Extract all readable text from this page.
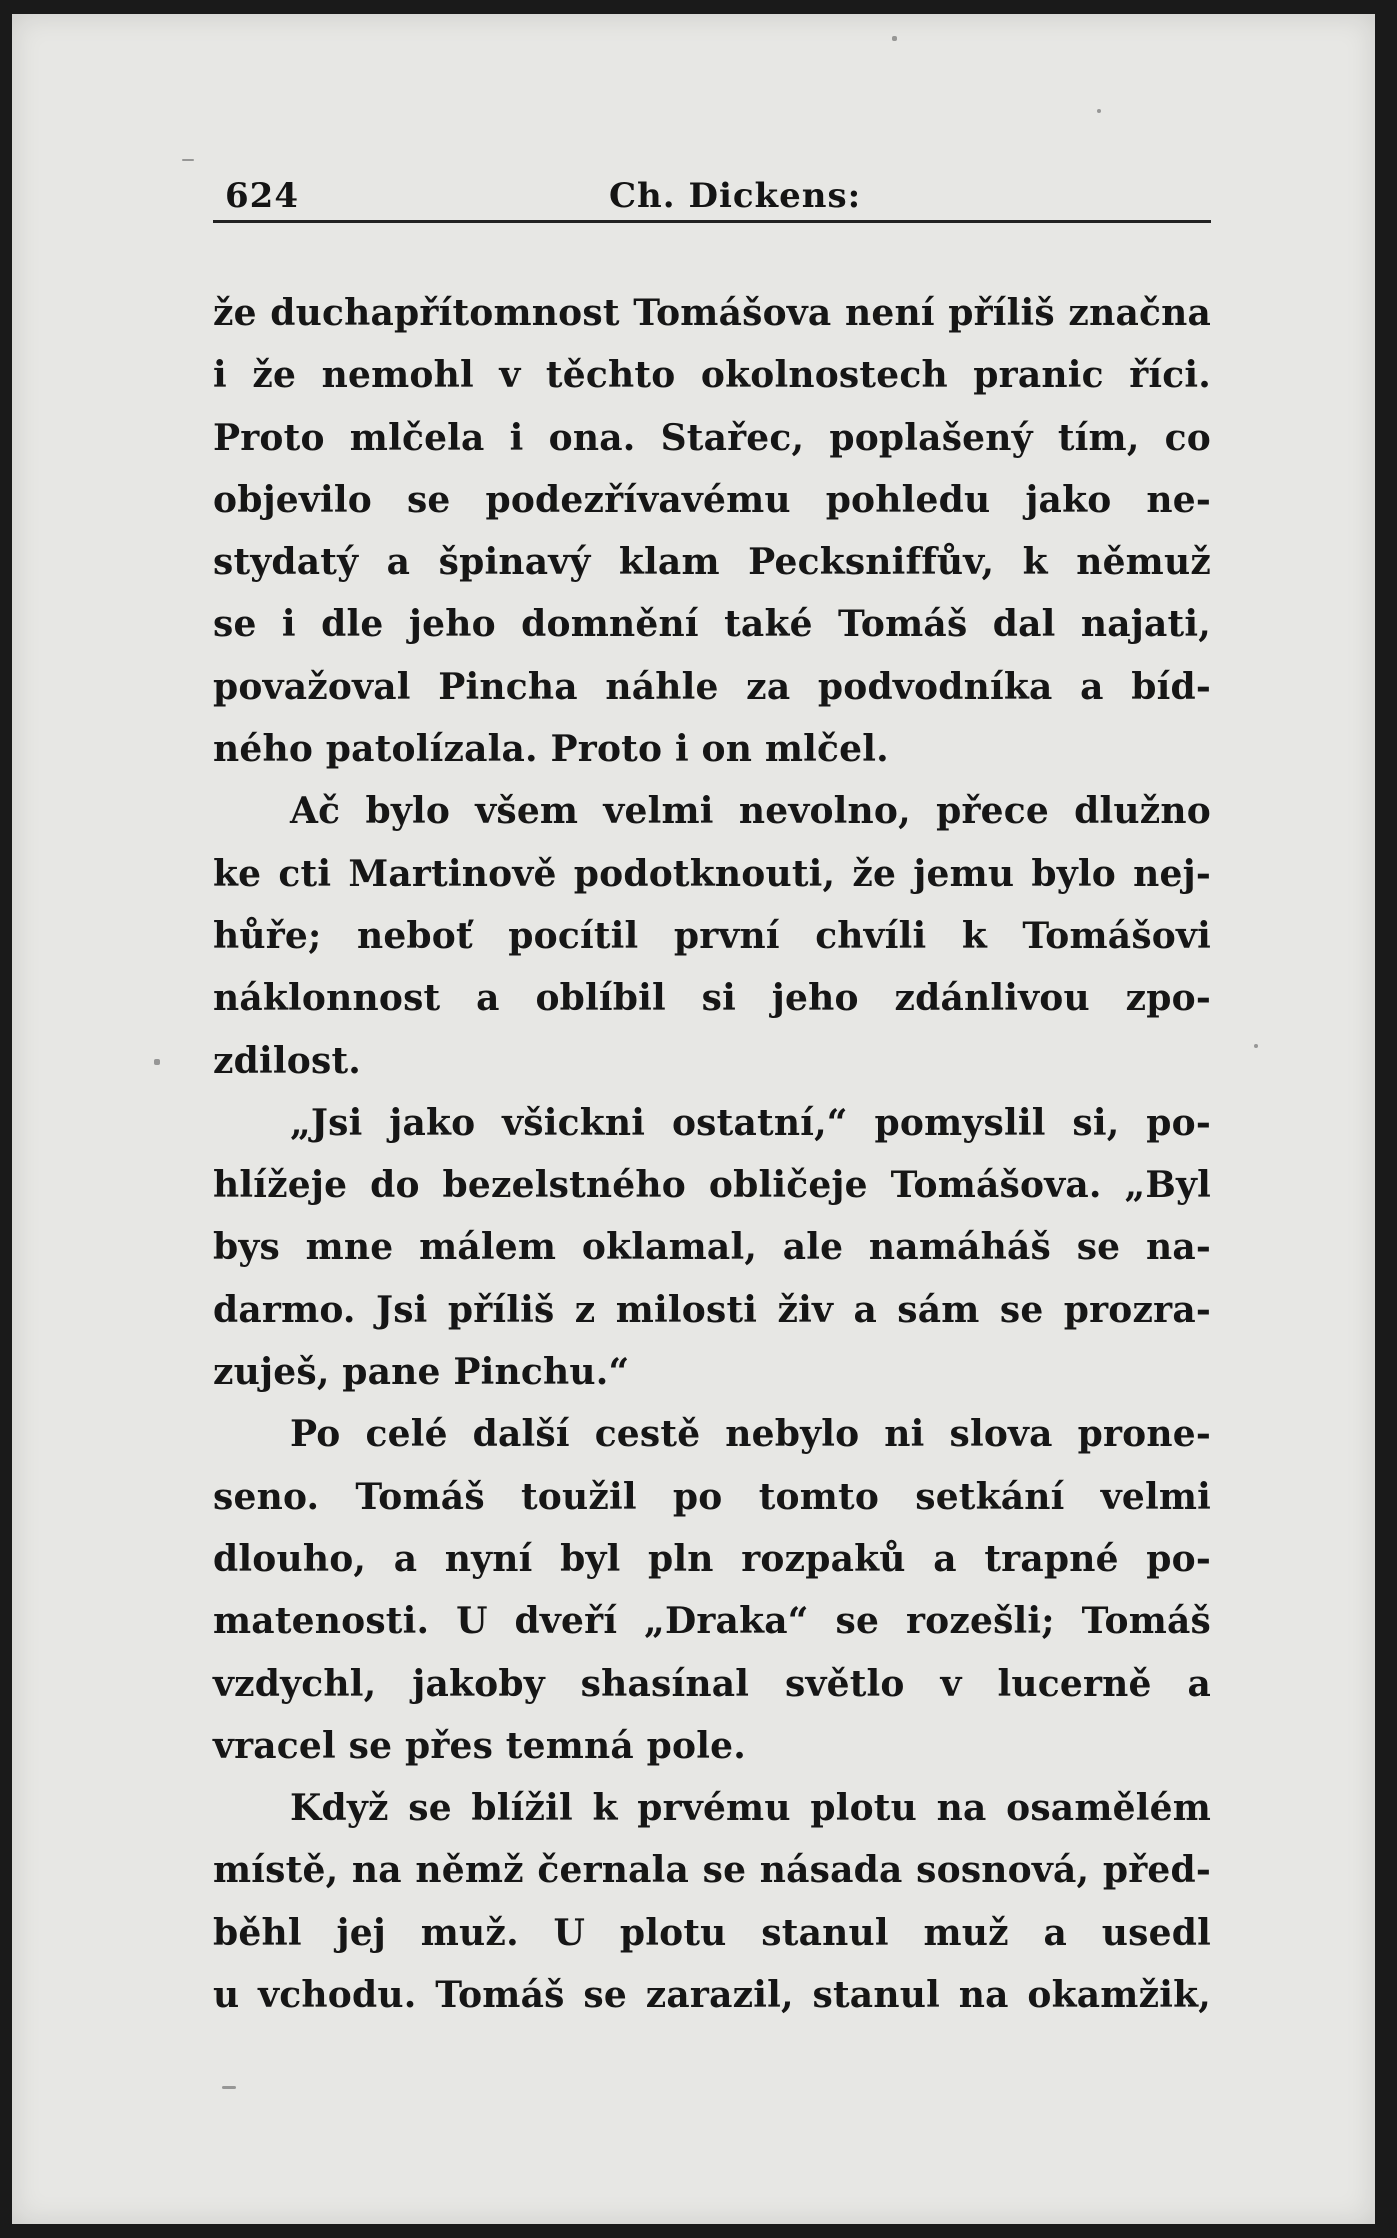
624	Ch. Dickens:
že duchapřítomnost Tomášova není příliš značna
i že nemohl v těchto okolnostech pranic říci.
Proto mlčela i ona. Stařec, poplašený tím, co
objevilo se podezřívavému pohledu jako ne-
stydatý a špinavý klam Pecksniffův, k němuž
se i dle jeho domnění také Tomáš dal najati,
považoval Pincha náhle za podvodníka a bíd-
ného patolízala. Proto i on mlčel.
Ač bylo všem velmi nevolno, přece dlužno
ke cti Martinově podotknouti, že jemu bylo nej-
hůře; neboť pocítil první chvíli k Tomášovi
náklonnost a oblíbil si jeho zdánlivou zpo-
zdilost.
„Jsi jako všickni ostatní,“ pomyslil si, po-
hlížeje do bezelstného obličeje Tomášova. „Byl
bys mne málem oklamal, ale namáháš se na-
darmo. Jsi příliš z milosti živ a sám se prozra-
zuješ, pane Pinchu.“
Po celé další cestě nebylo ni slova prone-
seno. Tomáš toužil po tomto setkání velmi
dlouho, a nyní byl pln rozpaků a trapné po-
matenosti. U dveří „Draka“ se rozešli; Tomáš
vzdychl, jakoby shasínal světlo v lucerně a
vracel se přes temná pole.
Když se blížil k prvému plotu na osamělém
místě, na němž černala se násada sosnová, před-
běhl jej muž. U plotu stanul muž a usedl
u vchodu. Tomáš se zarazil, stanul na okamžik,
